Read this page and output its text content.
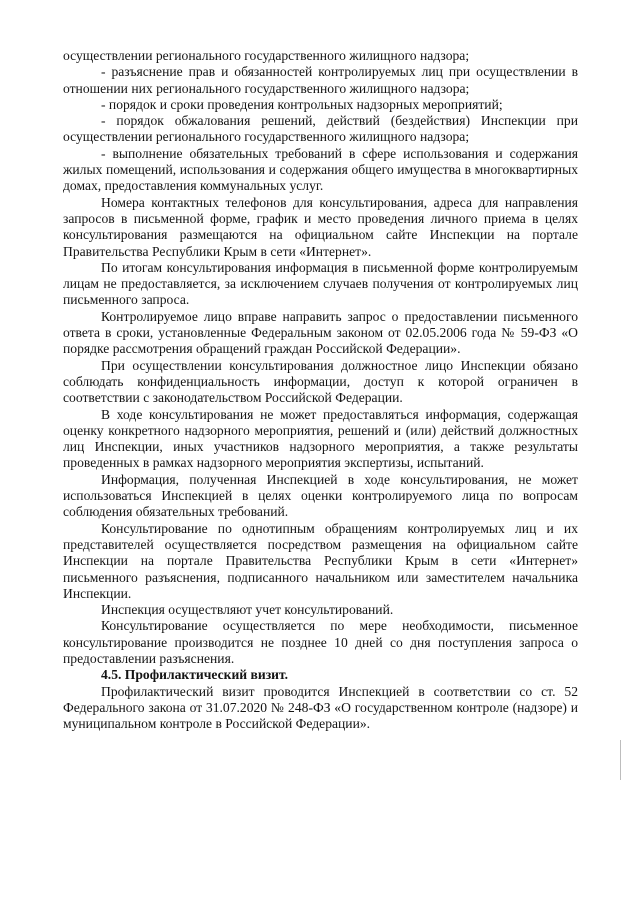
осуществлении регионального государственного жилищного надзора;

- разъяснение прав и обязанностей контролируемых лиц при осуществлении в отношении них регионального государственного жилищного надзора;

- порядок и сроки проведения контрольных надзорных мероприятий;

- порядок обжалования решений, действий (бездействия) Инспекции при осуществлении регионального государственного жилищного надзора;

- выполнение обязательных требований в сфере использования и содержания жилых помещений, использования и содержания общего имущества в многоквартирных домах, предоставления коммунальных услуг.

Номера контактных телефонов для консультирования, адреса для направления запросов в письменной форме, график и место проведения личного приема в целях консультирования размещаются на официальном сайте Инспекции на портале Правительства Республики Крым в сети «Интернет».

По итогам консультирования информация в письменной форме контролируемым лицам не предоставляется, за исключением случаев получения от контролируемых лиц письменного запроса.

Контролируемое лицо вправе направить запрос о предоставлении письменного ответа в сроки, установленные Федеральным законом от 02.05.2006 года № 59-ФЗ «О порядке рассмотрения обращений граждан Российской Федерации».

При осуществлении консультирования должностное лицо Инспекции обязано соблюдать конфиденциальность информации, доступ к которой ограничен в соответствии с законодательством Российской Федерации.

В ходе консультирования не может предоставляться информация, содержащая оценку конкретного надзорного мероприятия, решений и (или) действий должностных лиц Инспекции, иных участников надзорного мероприятия, а также результаты проведенных в рамках надзорного мероприятия экспертизы, испытаний.

Информация, полученная Инспекцией в ходе консультирования, не может использоваться Инспекцией в целях оценки контролируемого лица по вопросам соблюдения обязательных требований.

Консультирование по однотипным обращениям контролируемых лиц и их представителей осуществляется посредством размещения на официальном сайте Инспекции на портале Правительства Республики Крым в сети «Интернет» письменного разъяснения, подписанного начальником или заместителем начальника Инспекции.

Инспекция осуществляют учет консультирований.

Консультирование осуществляется по мере необходимости, письменное консультирование производится не позднее 10 дней со дня поступления запроса о предоставлении разъяснения.

4.5. Профилактический визит.

Профилактический визит проводится Инспекцией в соответствии со ст. 52 Федерального закона от 31.07.2020 № 248-ФЗ «О государственном контроле (надзоре) и муниципальном контроле в Российской Федерации».
